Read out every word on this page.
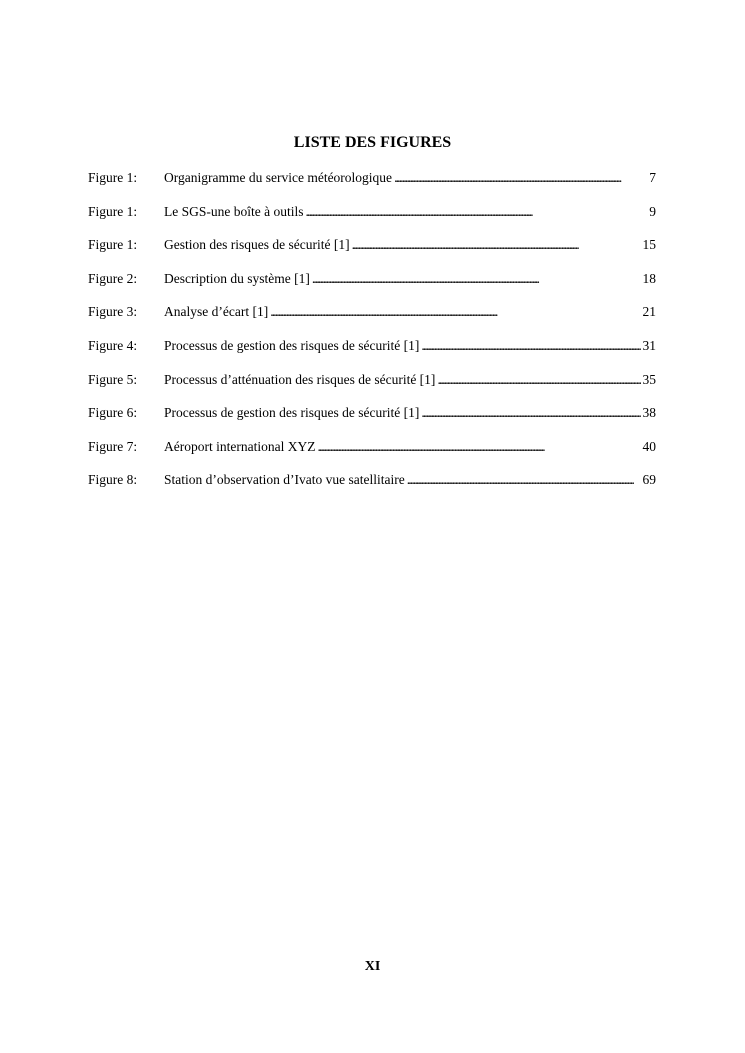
LISTE DES FIGURES
Figure 1:	Organigramme du service météorologique . . .	7
Figure 1:	Le SGS-une boîte à outils . . .	9
Figure 1:	Gestion des risques de sécurité [1] . . .	15
Figure 2:	Description du système [1] . . .	18
Figure 3:	Analyse d’écart [1] . . .	21
Figure 4:	Processus de gestion des risques de sécurité [1] . . .	31
Figure 5:	Processus d’atténuation des risques de sécurité [1] . . .	35
Figure 6:	Processus de gestion des risques de sécurité [1] . . .	38
Figure 7:	Aéroport international XYZ . . .	40
Figure 8:	Station d’observation d’Ivato vue satellitaire . . .	69
XI
